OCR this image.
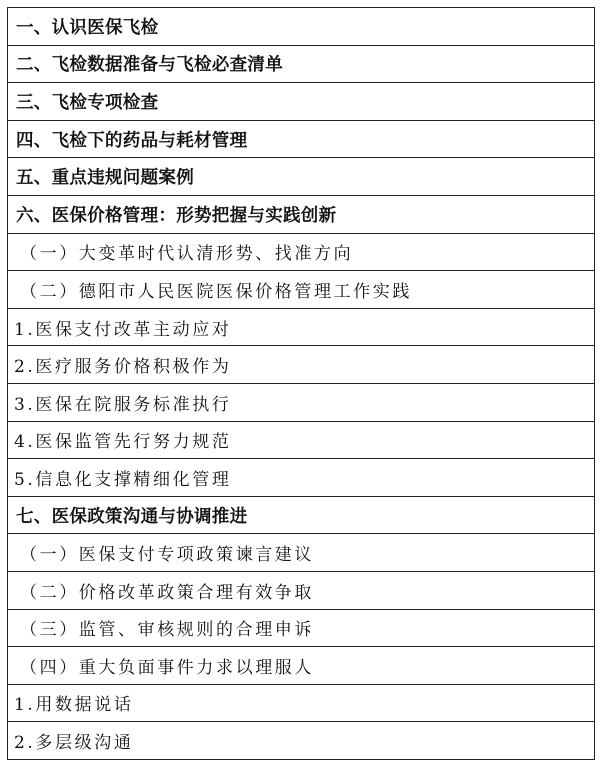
一、认识医保飞检
二、飞检数据准备与飞检必查清单
三、飞检专项检查
四、飞检下的药品与耗材管理
五、重点违规问题案例
六、医保价格管理：形势把握与实践创新
（一）大变革时代认清形势、找准方向
（二）德阳市人民医院医保价格管理工作实践
1.医保支付改革主动应对
2.医疗服务价格积极作为
3.医保在院服务标准执行
4.医保监管先行努力规范
5.信息化支撑精细化管理
七、医保政策沟通与协调推进
（一）医保支付专项政策谏言建议
（二）价格改革政策合理有效争取
（三）监管、审核规则的合理申诉
（四）重大负面事件力求以理服人
1.用数据说话
2.多层级沟通
